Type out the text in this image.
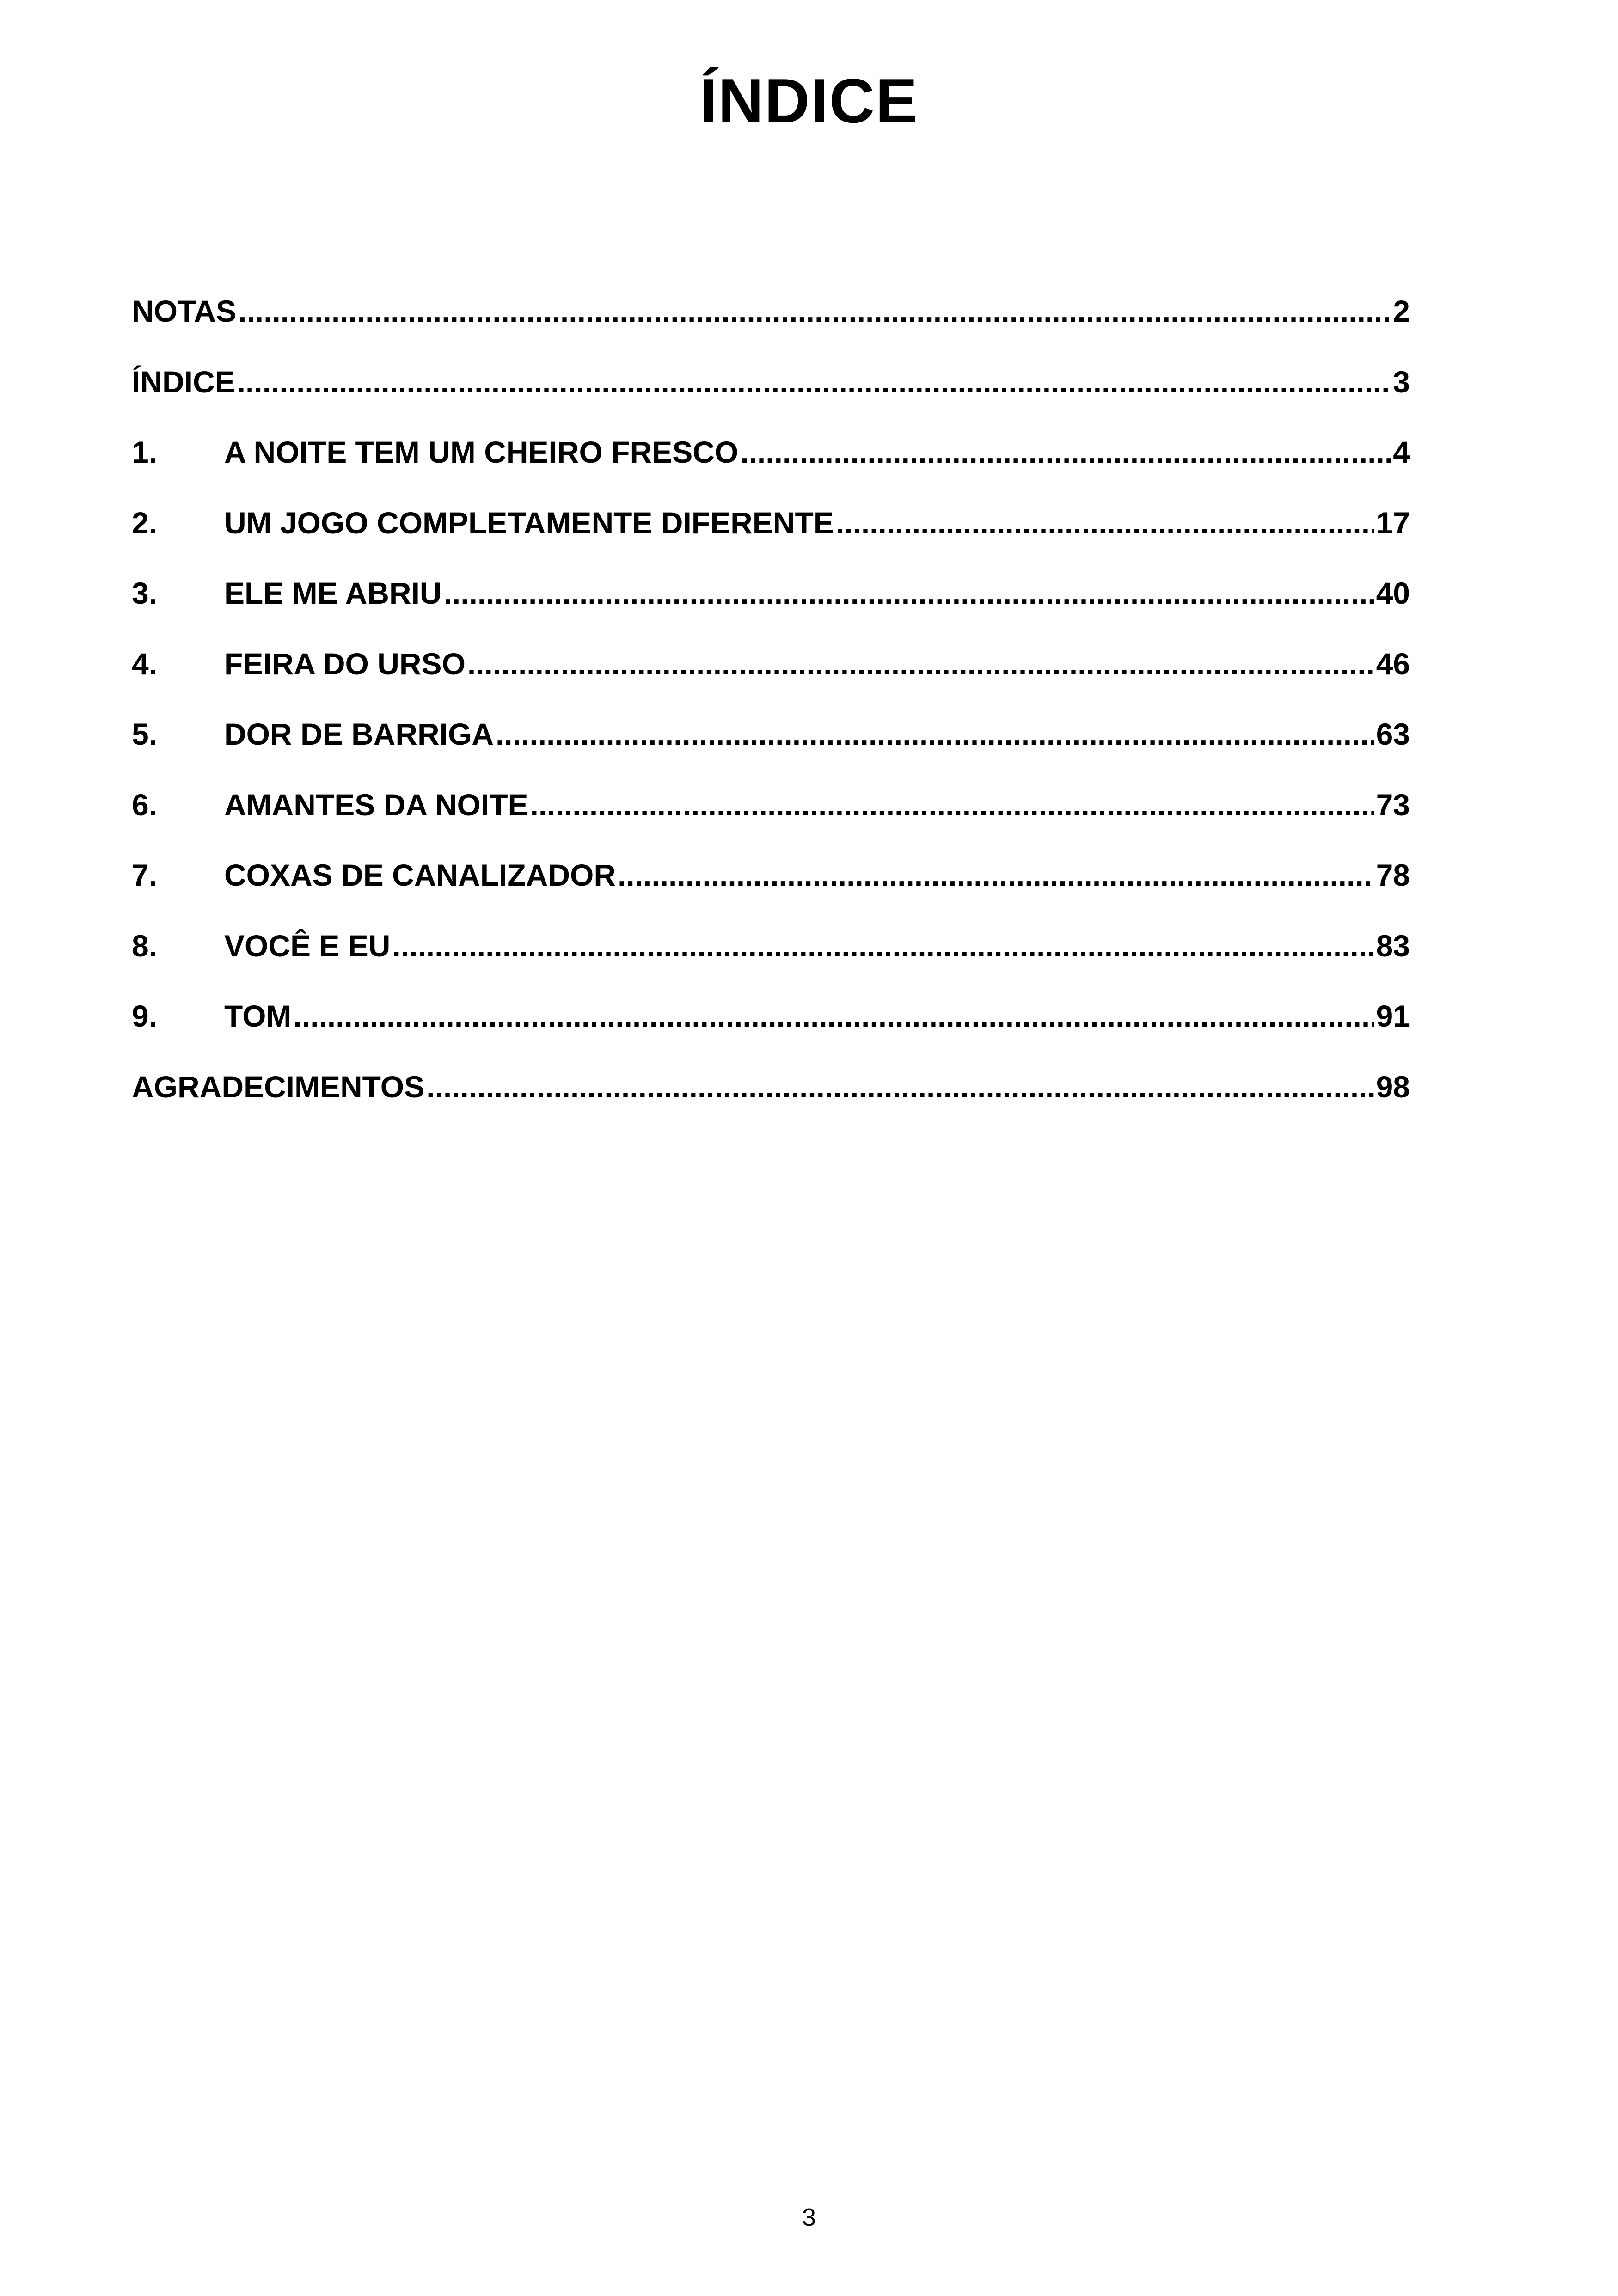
ÍNDICE
NOTAS .....	2
ÍNDICE .....	3
1.	A NOITE TEM UM CHEIRO FRESCO .....	4
2.	UM JOGO COMPLETAMENTE DIFERENTE .....	17
3.	ELE ME ABRIU .....	40
4.	FEIRA DO URSO .....	46
5.	DOR DE BARRIGA .....	63
6.	AMANTES DA NOITE .....	73
7.	COXAS DE CANALIZADOR .....	78
8.	VOCÊ E EU .....	83
9.	TOM .....	91
AGRADECIMENTOS .....	98
3
